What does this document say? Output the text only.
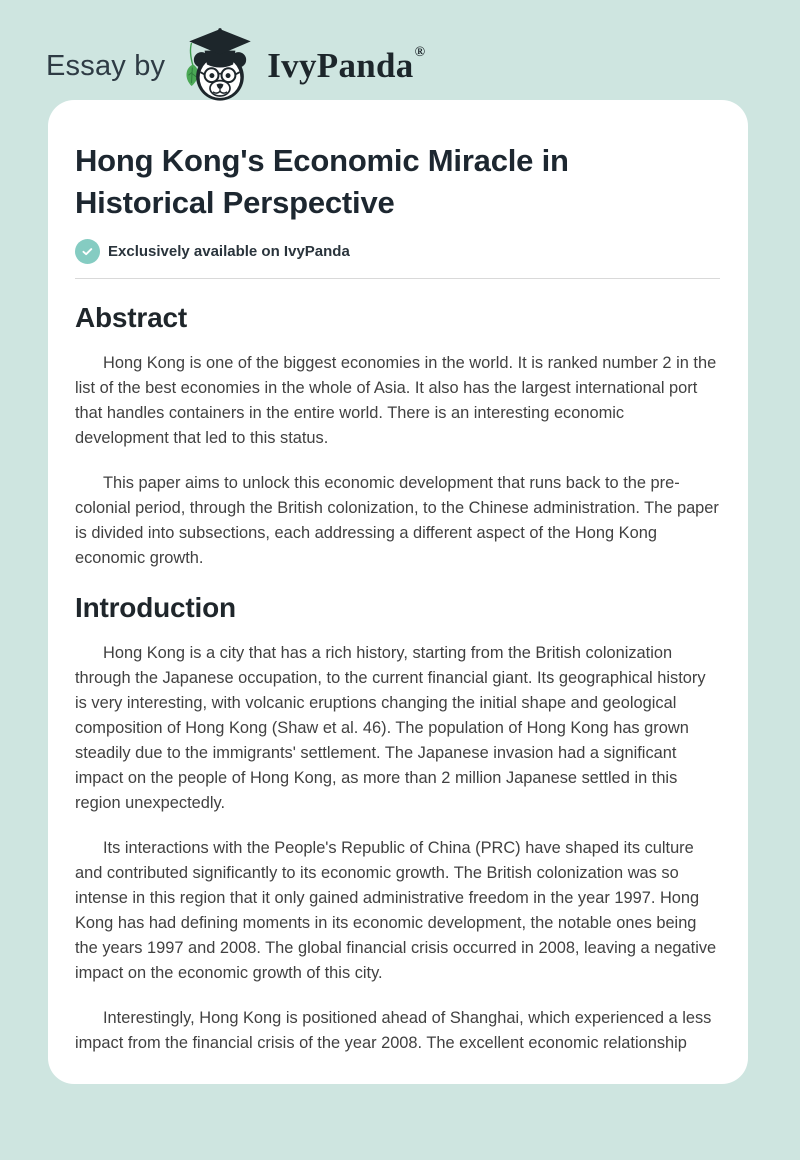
Essay by	IvyPanda ®
Hong Kong's Economic Miracle in Historical Perspective
Exclusively available on IvyPanda
Abstract

Hong Kong is one of the biggest economies in the world. It is ranked number 2 in the list of the best economies in the whole of Asia. It also has the largest international port that handles containers in the entire world. There is an interesting economic development that led to this status.

This paper aims to unlock this economic development that runs back to the pre-colonial period, through the British colonization, to the Chinese administration. The paper is divided into subsections, each addressing a different aspect of the Hong Kong economic growth.

Introduction

Hong Kong is a city that has a rich history, starting from the British colonization through the Japanese occupation, to the current financial giant. Its geographical history is very interesting, with volcanic eruptions changing the initial shape and geological composition of Hong Kong (Shaw et al. 46). The population of Hong Kong has grown steadily due to the immigrants' settlement. The Japanese invasion had a significant impact on the people of Hong Kong, as more than 2 million Japanese settled in this region unexpectedly.

Its interactions with the People's Republic of China (PRC) have shaped its culture and contributed significantly to its economic growth. The British colonization was so intense in this region that it only gained administrative freedom in the year 1997. Hong Kong has had defining moments in its economic development, the notable ones being the years 1997 and 2008. The global financial crisis occurred in 2008, leaving a negative impact on the economic growth of this city.

Interestingly, Hong Kong is positioned ahead of Shanghai, which experienced a less impact from the financial crisis of the year 2008. The excellent economic relationship
